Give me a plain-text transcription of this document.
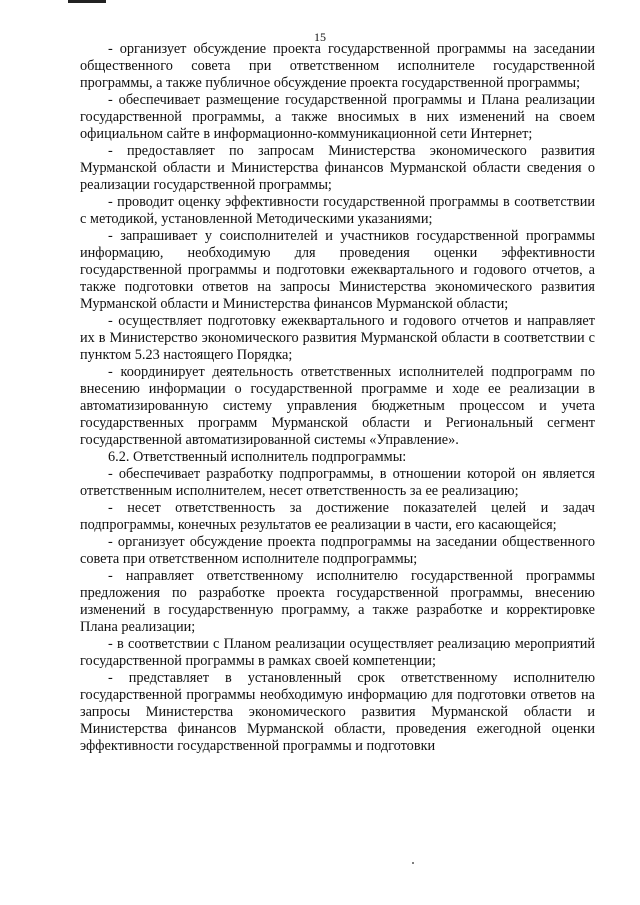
15

- организует обсуждение проекта государственной программы на заседании общественного совета при ответственном исполнителе государственной программы, а также публичное обсуждение проекта государственной программы;

- обеспечивает размещение государственной программы и Плана реализации государственной программы, а также вносимых в них изменений на своем официальном сайте в информационно-коммуникационной сети Интернет;

- предоставляет по запросам Министерства экономического развития Мурманской области и Министерства финансов Мурманской области сведения о реализации государственной программы;

- проводит оценку эффективности государственной программы в соответствии с методикой, установленной Методическими указаниями;

- запрашивает у соисполнителей и участников государственной программы информацию, необходимую для проведения оценки эффективности государственной программы и подготовки ежеквартального и годового отчетов, а также подготовки ответов на запросы Министерства экономического развития Мурманской области и Министерства финансов Мурманской области;

- осуществляет подготовку ежеквартального и годового отчетов и направляет их в Министерство экономического развития Мурманской области в соответствии с пунктом 5.23 настоящего Порядка;

- координирует деятельность ответственных исполнителей подпрограмм по внесению информации о государственной программе и ходе ее реализации в автоматизированную систему управления бюджетным процессом и учета государственных программ Мурманской области и Региональный сегмент государственной автоматизированной системы «Управление».

6.2. Ответственный исполнитель подпрограммы:

- обеспечивает разработку подпрограммы, в отношении которой он является ответственным исполнителем, несет ответственность за ее реализацию;

- несет ответственность за достижение показателей целей и задач подпрограммы, конечных результатов ее реализации в части, его касающейся;

- организует обсуждение проекта подпрограммы на заседании общественного совета при ответственном исполнителе подпрограммы;

- направляет ответственному исполнителю государственной программы предложения по разработке проекта государственной программы, внесению изменений в государственную программу, а также разработке и корректировке Плана реализации;

- в соответствии с Планом реализации осуществляет реализацию мероприятий государственной программы в рамках своей компетенции;

- представляет в установленный срок ответственному исполнителю государственной программы необходимую информацию для подготовки ответов на запросы Министерства экономического развития Мурманской области и Министерства финансов Мурманской области, проведения ежегодной оценки эффективности государственной программы и подготовки
